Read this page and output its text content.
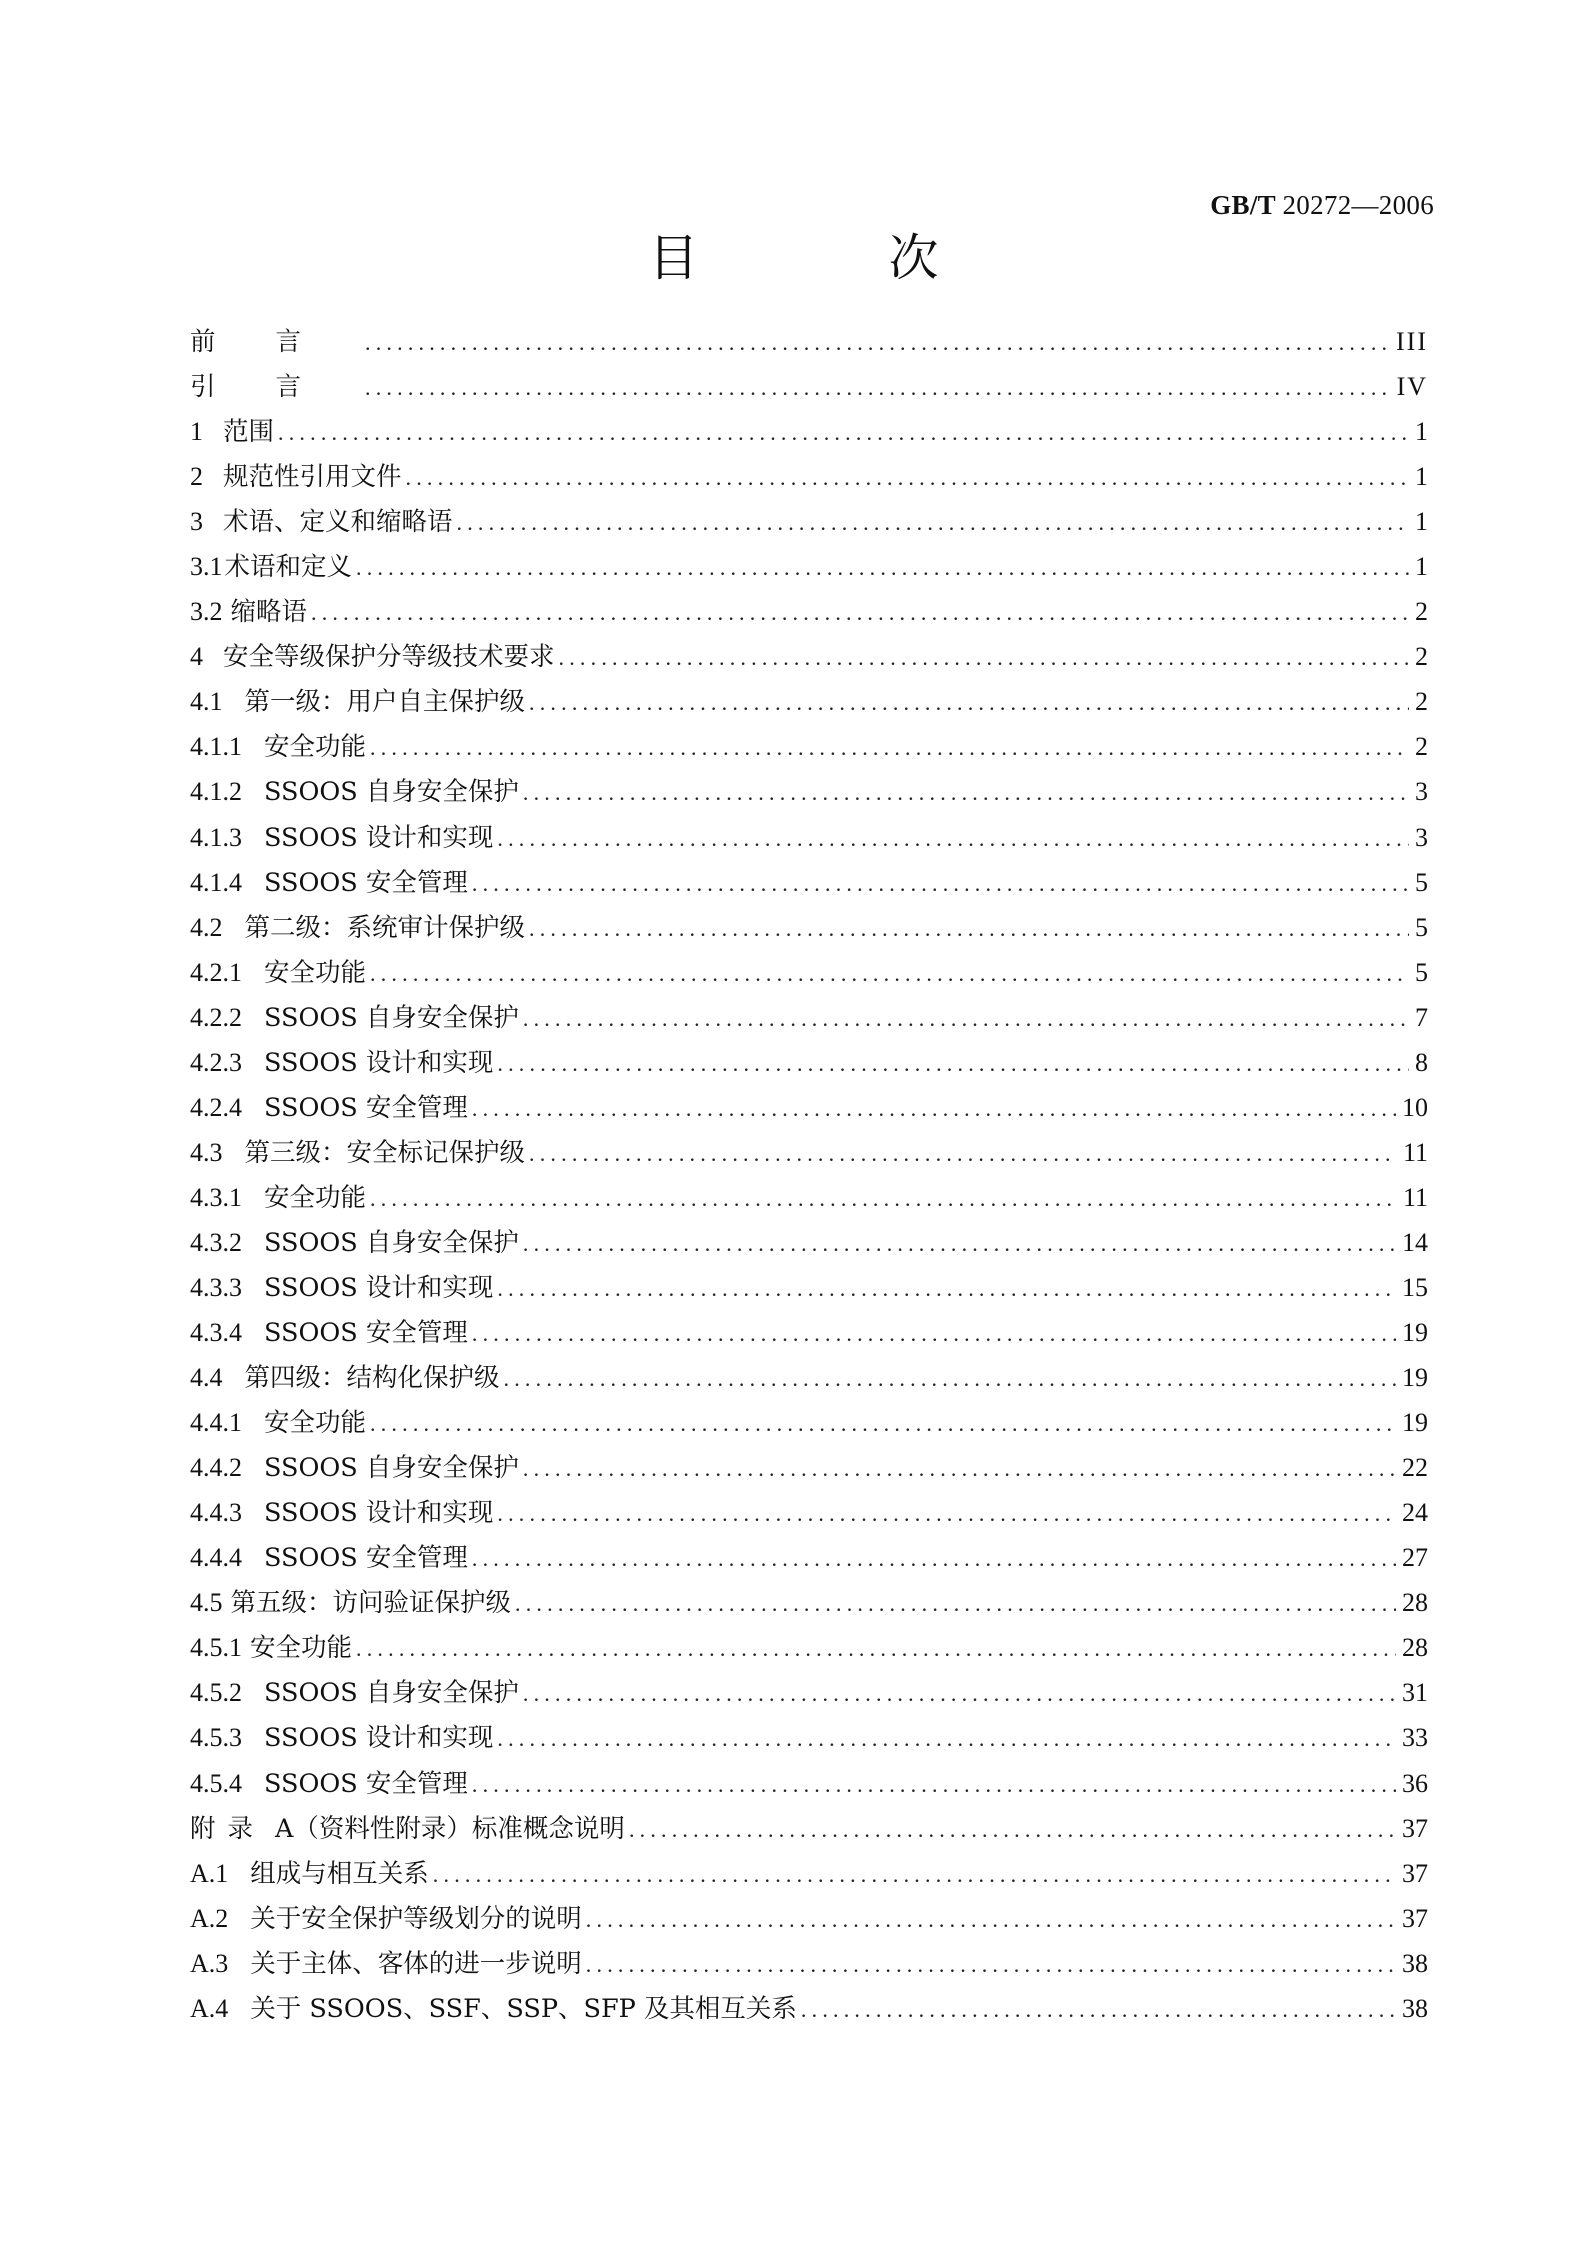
GB/T 20272—2006
目次
前言 .....	III
引言 .....	IV
1 范围 .....	1
2 规范性引用文件 .....	1
3 术语、定义和缩略语 .....	1
3.1 术语和定义 .....	1
3.2 缩略语 .....	2
4 安全等级保护分等级技术要求 .....	2
4.1 第一级：用户自主保护级 .....	2
4.1.1 安全功能 .....	2
4.1.2 SSOOS 自身安全保护 .....	3
4.1.3 SSOOS 设计和实现 .....	3
4.1.4 SSOOS 安全管理 .....	5
4.2 第二级：系统审计保护级 .....	5
4.2.1 安全功能 .....	5
4.2.2 SSOOS 自身安全保护 .....	7
4.2.3 SSOOS 设计和实现 .....	8
4.2.4 SSOOS 安全管理 .....	10
4.3 第三级：安全标记保护级 .....	11
4.3.1 安全功能 .....	11
4.3.2 SSOOS 自身安全保护 .....	14
4.3.3 SSOOS 设计和实现 .....	15
4.3.4 SSOOS 安全管理 .....	19
4.4 第四级：结构化保护级 .....	19
4.4.1 安全功能 .....	19
4.4.2 SSOOS 自身安全保护 .....	22
4.4.3 SSOOS 设计和实现 .....	24
4.4.4 SSOOS 安全管理 .....	27
4.5 第五级：访问验证保护级 .....	28
4.5.1 安全功能 .....	28
4.5.2 SSOOS 自身安全保护 .....	31
4.5.3 SSOOS 设计和实现 .....	33
4.5.4 SSOOS 安全管理 .....	36
附录 A（资料性附录）标准概念说明 .....	37
A.1 组成与相互关系 .....	37
A.2 关于安全保护等级划分的说明 .....	37
A.3 关于主体、客体的进一步说明 .....	38
A.4 关于 SSOOS、SSF、SSP、SFP 及其相互关系 .....	38
